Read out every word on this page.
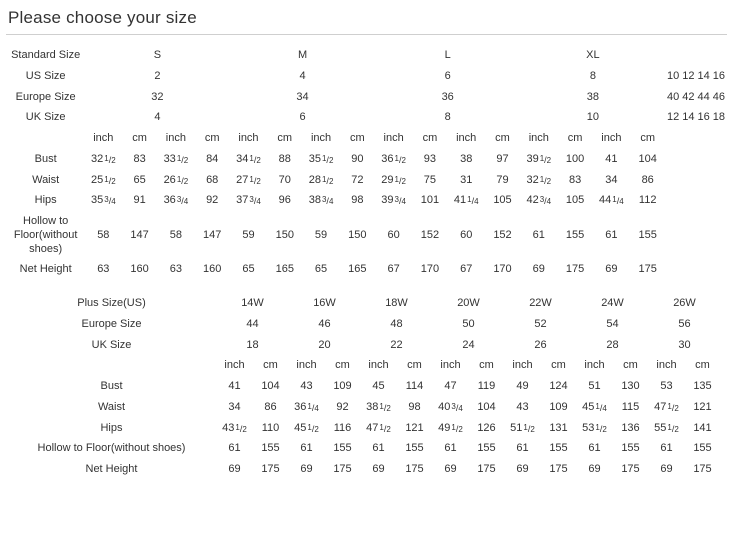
Please choose your size
Standard Size	S				M				L				XL							
US Size	2				4				6				8				10	12	14	16
Europe Size	32				34				36				38				40	42	44	46
UK Size	4				6				8				10				12	14	16	18
	inch	cm	inch	cm	inch	cm	inch	cm	inch	cm	inch	cm	inch	cm	inch	cm				
Bust	$32^1/2$	83	$33^1/2$	84	$34^1/2$	88	$35^1/2$	90	$36^1/2$	93	38	97	$39^1/2$	100	41	104				
Waist	$25^1/2$	65	$26^1/2$	68	$27^1/2$	70	$28^1/2$	72	$29^1/2$	75	31	79	$32^1/2$	83	34	86				
Hips	$35^3/4$	91	$36^3/4$	92	$37^3/4$	96	$38^3/4$	98	$39^3/4$	101	$41^1/4$	105	$42^3/4$	105	$44^1/4$	112				
Hollow to Floor(without shoes)	58	147	58	147	59	150	59	150	60	152	60	152	61	155	61	155				
Net Height	63	160	63	160	65	165	65	165	67	170	67	170	69	175	69	175				
Plus Size(US)	14W		16W		18W		20W		22W		24W		26W	
Europe Size	44		46		48		50		52		54		56	
UK Size	18		20		22		24		26		28		30	
	inch	cm	inch	cm	inch	cm	inch	cm	inch	cm	inch	cm	inch	cm
Bust	41	104	43	109	45	114	47	119	49	124	51	130	53	135
Waist	34	86	$36^1/4$	92	$38^1/2$	98	$40^3/4$	104	43	109	$45^1/4$	115	$47^1/2$	121
Hips	$43^1/2$	110	$45^1/2$	116	$47^1/2$	121	$49^1/2$	126	$51^1/2$	131	$53^1/2$	136	$55^1/2$	141
Hollow to Floor(without shoes)	61	155	61	155	61	155	61	155	61	155	61	155	61	155
Net Height	69	175	69	175	69	175	69	175	69	175	69	175	69	175
